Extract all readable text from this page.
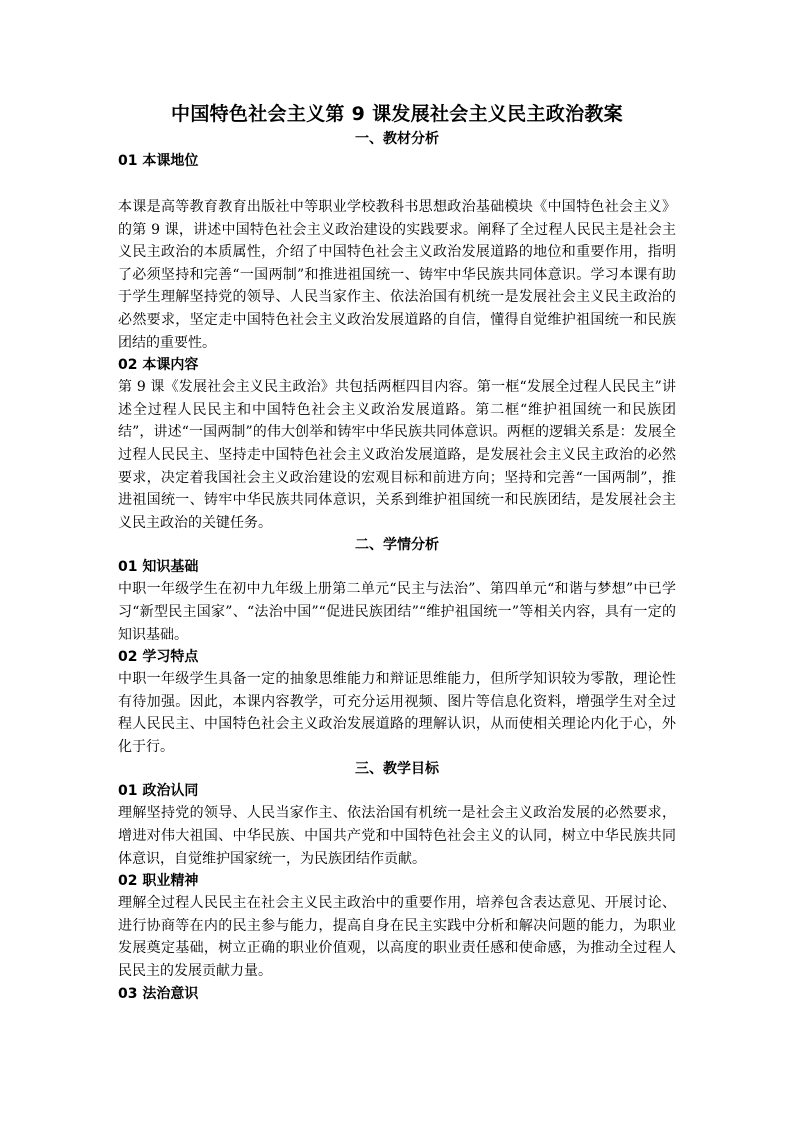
中国特色社会主义第 9 课发展社会主义民主政治教案
一、教材分析
01 本课地位

本课是高等教育教育出版社中等职业学校教科书思想政治基础模块《中国特色社会主义》的第 9 课，讲述中国特色社会主义政治建设的实践要求。阐释了全过程人民民主是社会主义民主政治的本质属性，介绍了中国特色社会主义政治发展道路的地位和重要作用，指明了必须坚持和完善“一国两制”和推进祖国统一、铸牢中华民族共同体意识。学习本课有助于学生理解坚持党的领导、人民当家作主、依法治国有机统一是发展社会主义民主政治的必然要求，坚定走中国特色社会主义政治发展道路的自信，懂得自觉维护祖国统一和民族团结的重要性。

02 本课内容

第 9 课《发展社会主义民主政治》共包括两框四目内容。第一框“发展全过程人民民主”讲述全过程人民民主和中国特色社会主义政治发展道路。第二框“维护祖国统一和民族团结”，讲述“一国两制”的伟大创举和铸牢中华民族共同体意识。两框的逻辑关系是：发展全过程人民民主、坚持走中国特色社会主义政治发展道路，是发展社会主义民主政治的必然要求，决定着我国社会主义政治建设的宏观目标和前进方向；坚持和完善“一国两制”，推进祖国统一、铸牢中华民族共同体意识，关系到维护祖国统一和民族团结，是发展社会主义民主政治的关键任务。

二、学情分析
01 知识基础

中职一年级学生在初中九年级上册第二单元“民主与法治”、第四单元“和谐与梦想”中已学习“新型民主国家”、“法治中国”“促进民族团结”“维护祖国统一”等相关内容，具有一定的知识基础。

02 学习特点

中职一年级学生具备一定的抽象思维能力和辩证思维能力，但所学知识较为零散，理论性有待加强。因此，本课内容教学，可充分运用视频、图片等信息化资料，增强学生对全过程人民民主、中国特色社会主义政治发展道路的理解认识，从而使相关理论内化于心，外化于行。

三、教学目标
01 政治认同

理解坚持党的领导、人民当家作主、依法治国有机统一是社会主义政治发展的必然要求，增进对伟大祖国、中华民族、中国共产党和中国特色社会主义的认同，树立中华民族共同体意识，自觉维护国家统一，为民族团结作贡献。

02 职业精神

理解全过程人民民主在社会主义民主政治中的重要作用，培养包含表达意见、开展讨论、进行协商等在内的民主参与能力，提高自身在民主实践中分析和解决问题的能力，为职业发展奠定基础，树立正确的职业价值观，以高度的职业责任感和使命感，为推动全过程人民民主的发展贡献力量。

03 法治意识
